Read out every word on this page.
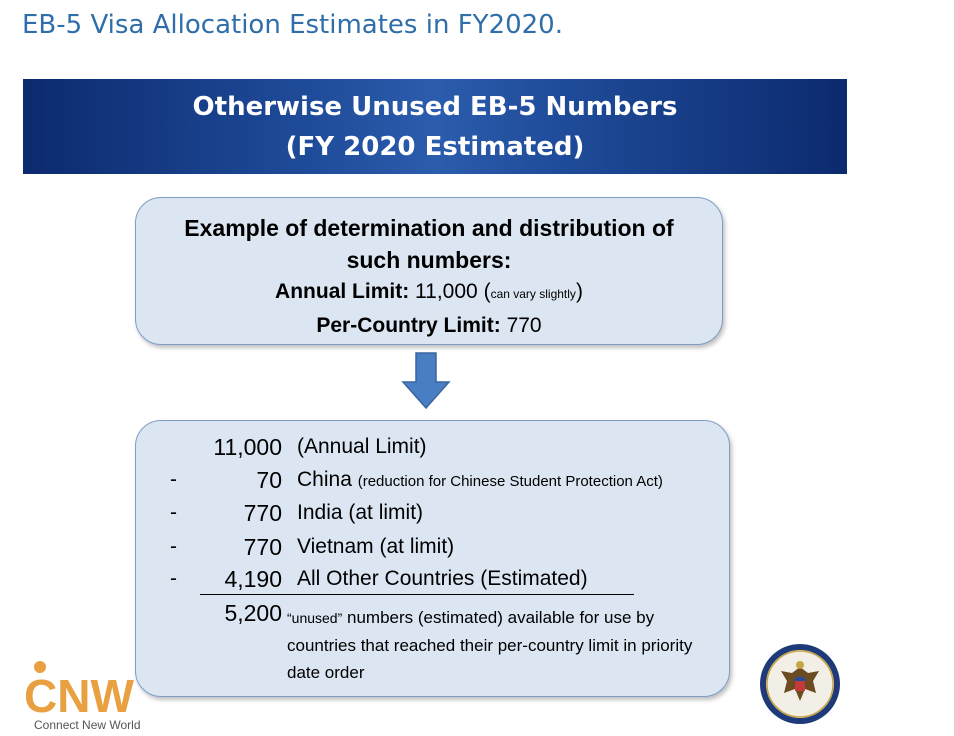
EB-5 Visa Allocation Estimates in FY2020.
Otherwise Unused EB-5 Numbers
(FY 2020 Estimated)
Example of determination and distribution of
such numbers:
Annual Limit: 11,000 (can vary slightly)
Per-Country Limit: 770
11,000 (Annual Limit)
-	70 China (reduction for Chinese Student Protection Act)
-	770 India (at limit)
-	770 Vietnam (at limit)
- 4,190 All Other Countries (Estimated)
5,200 “unused” numbers (estimated) available for use by countries that reached their per-country limit in priority date order
CNW
Connect New World
